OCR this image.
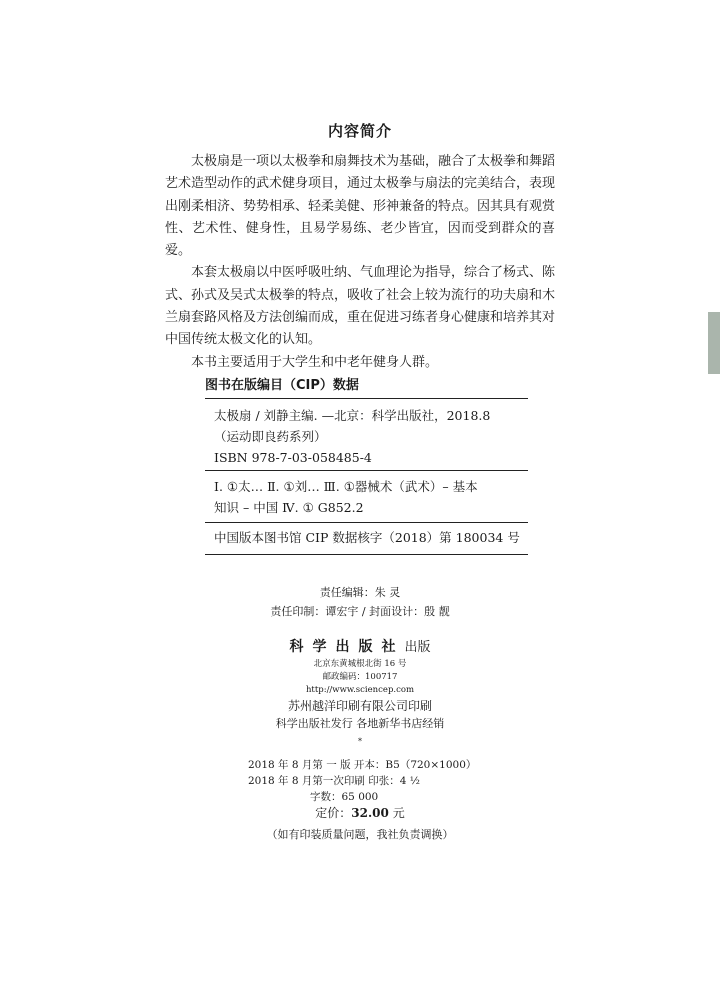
内容简介

太极扇是一项以太极拳和扇舞技术为基础，融合了太极拳和舞蹈艺术造型动作的武术健身项目，通过太极拳与扇法的完美结合，表现出刚柔相济、势势相承、轻柔美健、形神兼备的特点。因其具有观赏性、艺术性、健身性，且易学易练、老少皆宜，因而受到群众的喜爱。

本套太极扇以中医呼吸吐纳、气血理论为指导，综合了杨式、陈式、孙式及吴式太极拳的特点，吸收了社会上较为流行的功夫扇和木兰扇套路风格及方法创编而成，重在促进习练者身心健康和培养其对中国传统太极文化的认知。

本书主要适用于大学生和中老年健身人群。

图书在版编目（CIP）数据
太极扇 / 刘静主编. —北京：科学出版社，2018.8
（运动即良药系列）
ISBN 978-7-03-058485-4
Ⅰ. ①太… Ⅱ. ①刘… Ⅲ. ①器械术（武术）– 基本
知识 – 中国 Ⅳ. ① G852.2
中国版本图书馆 CIP 数据核字（2018）第 180034 号
责任编辑：朱 灵
责任印制：谭宏宇 / 封面设计：殷 靓
科学出版社出版
北京东黄城根北街 16 号
邮政编码：100717
http://www.sciencep.com
苏州越洋印刷有限公司印刷
科学出版社发行 各地新华书店经销
*
2018 年 8 月第 一 版 开本：B5（720×1000）
2018 年 8 月第一次印刷 印张：4 ½
字数：65 000
定价：32.00 元
（如有印装质量问题，我社负责调换）
